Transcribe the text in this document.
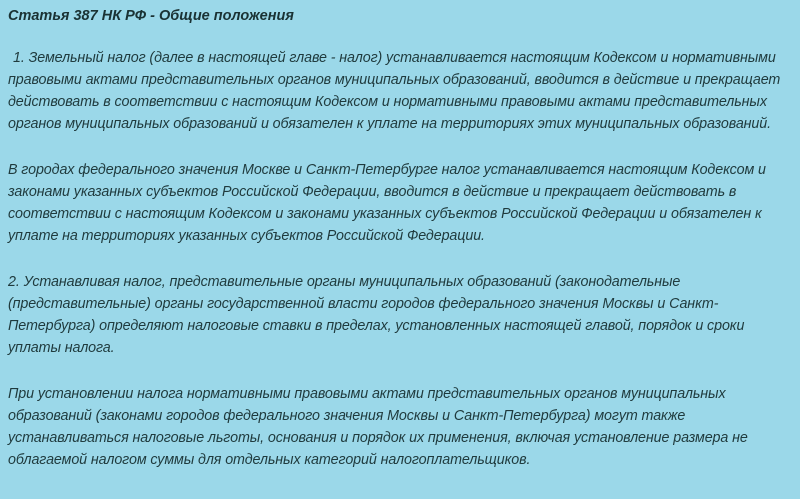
Статья 387 НК РФ - Общие положения

1. Земельный налог (далее в настоящей главе - налог) устанавливается настоящим Кодексом и нормативными правовыми актами представительных органов муниципальных образований, вводится в действие и прекращает действовать в соответствии с настоящим Кодексом и нормативными правовыми актами представительных органов муниципальных образований и обязателен к уплате на территориях этих муниципальных образований.

В городах федерального значения Москве и Санкт-Петербурге налог устанавливается настоящим Кодексом и законами указанных субъектов Российской Федерации, вводится в действие и прекращает действовать в соответствии с настоящим Кодексом и законами указанных субъектов Российской Федерации и обязателен к уплате на территориях указанных субъектов Российской Федерации.

2. Устанавливая налог, представительные органы муниципальных образований (законодательные (представительные) органы государственной власти городов федерального значения Москвы и Санкт-Петербурга) определяют налоговые ставки в пределах, установленных настоящей главой, порядок и сроки уплаты налога.

При установлении налога нормативными правовыми актами представительных органов муниципальных образований (законами городов федерального значения Москвы и Санкт-Петербурга) могут также устанавливаться налоговые льготы, основания и порядок их применения, включая установление размера не облагаемой налогом суммы для отдельных категорий налогоплательщиков.
